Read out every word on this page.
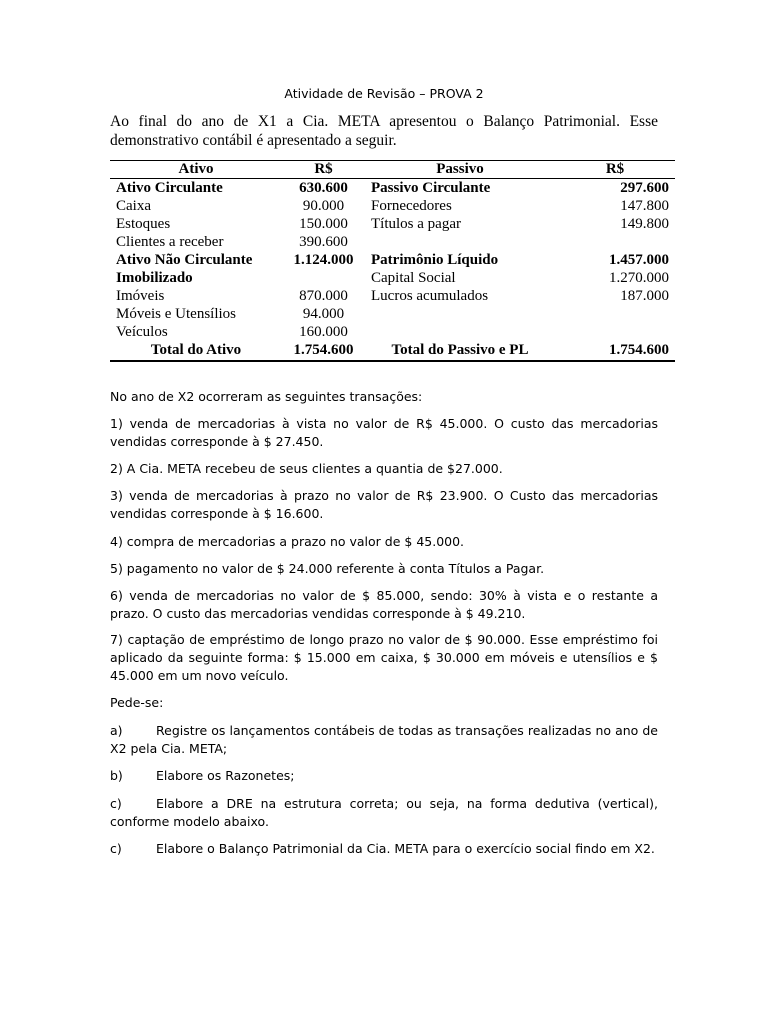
Atividade de Revisão – PROVA 2

Ao final do ano de X1 a Cia. META apresentou o Balanço Patrimonial. Esse
demonstrativo contábil é apresentado a seguir.

Ativo	R$	Passivo	R$
Ativo Circulante	630.600	Passivo Circulante	297.600
Caixa	90.000	Fornecedores	147.800
Estoques	150.000	Títulos a pagar	149.800
Clientes a receber	390.600		
Ativo Não Circulante	1.124.000	Patrimônio Líquido	1.457.000
Imobilizado		Capital Social	1.270.000
Imóveis	870.000	Lucros acumulados	187.000
Móveis e Utensílios	94.000		
Veículos	160.000		
Total do Ativo	1.754.600	Total do Passivo e PL	1.754.600

No ano de X2 ocorreram as seguintes transações:

1) venda de mercadorias à vista no valor de R$ 45.000. O custo das mercadorias vendidas corresponde à $ 27.450.

2) A Cia. META recebeu de seus clientes a quantia de $27.000.

3) venda de mercadorias à prazo no valor de R$ 23.900. O Custo das mercadorias vendidas corresponde à $ 16.600.

4) compra de mercadorias a prazo no valor de $ 45.000.

5) pagamento no valor de $ 24.000 referente à conta Títulos a Pagar.

6) venda de mercadorias no valor de $ 85.000, sendo: 30% à vista e o restante a prazo. O custo das mercadorias vendidas corresponde à $ 49.210.

7) captação de empréstimo de longo prazo no valor de $ 90.000. Esse empréstimo foi aplicado da seguinte forma: $ 15.000 em caixa, $ 30.000 em móveis e utensílios e $ 45.000 em um novo veículo.

Pede-se:

a)	Registre os lançamentos contábeis de todas as transações realizadas no ano de X2 pela Cia. META;

b)	Elabore os Razonetes;

c)	Elabore a DRE na estrutura correta; ou seja, na forma dedutiva (vertical), conforme modelo abaixo.

c)	Elabore o Balanço Patrimonial da Cia. META para o exercício social findo em X2.
